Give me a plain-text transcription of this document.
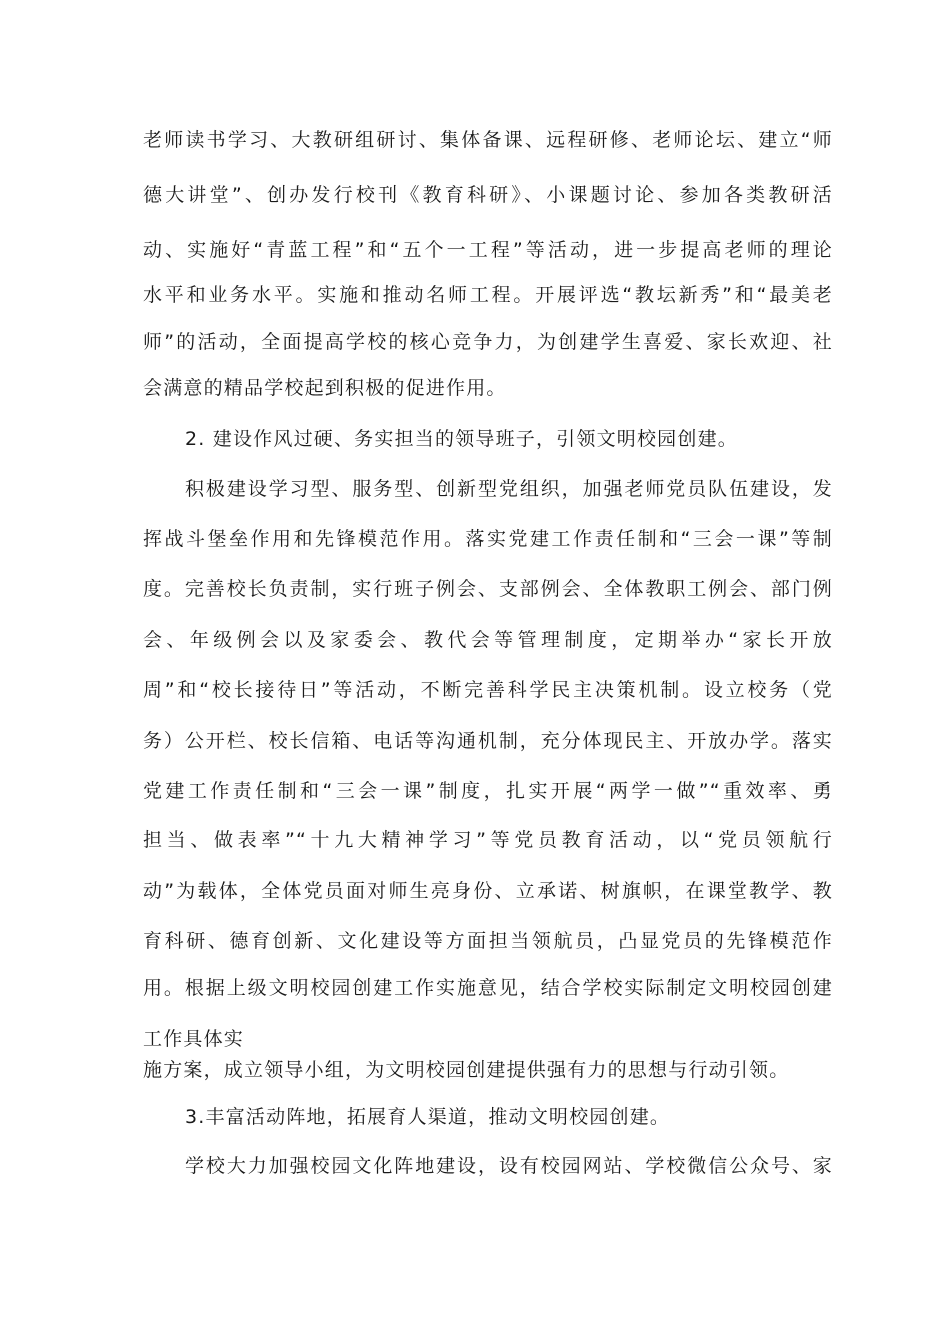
老师读书学习、大教研组研讨、集体备课、远程研修、老师论坛、建立“师
德大讲堂”、创办发行校刊《教育科研》、小课题讨论、参加各类教研活
动、实施好“青蓝工程”和“五个一工程”等活动，进一步提高老师的理论
水平和业务水平。实施和推动名师工程。开展评选“教坛新秀”和“最美老
师”的活动，全面提高学校的核心竞争力，为创建学生喜爱、家长欢迎、社
会满意的精品学校起到积极的促进作用。
2. 建设作风过硬、务实担当的领导班子，引领文明校园创建。
积极建设学习型、服务型、创新型党组织，加强老师党员队伍建设，发
挥战斗堡垒作用和先锋模范作用。落实党建工作责任制和“三会一课”等制
度。完善校长负责制，实行班子例会、支部例会、全体教职工例会、部门例
会、年级例会以及家委会、教代会等管理制度，定期举办“家长开放
周”和“校长接待日”等活动，不断完善科学民主决策机制。设立校务（党
务）公开栏、校长信箱、电话等沟通机制，充分体现民主、开放办学。落实
党建工作责任制和“三会一课”制度，扎实开展“两学一做”“重效率、勇
担当、做表率”“十九大精神学习”等党员教育活动，以“党员领航行
动”为载体，全体党员面对师生亮身份、立承诺、树旗帜，在课堂教学、教
育科研、德育创新、文化建设等方面担当领航员，凸显党员的先锋模范作
用。根据上级文明校园创建工作实施意见，结合学校实际制定文明校园创建
工作具体实
施方案，成立领导小组，为文明校园创建提供强有力的思想与行动引领。
3.丰富活动阵地，拓展育人渠道，推动文明校园创建。
学校大力加强校园文化阵地建设，设有校园网站、学校微信公众号、家
